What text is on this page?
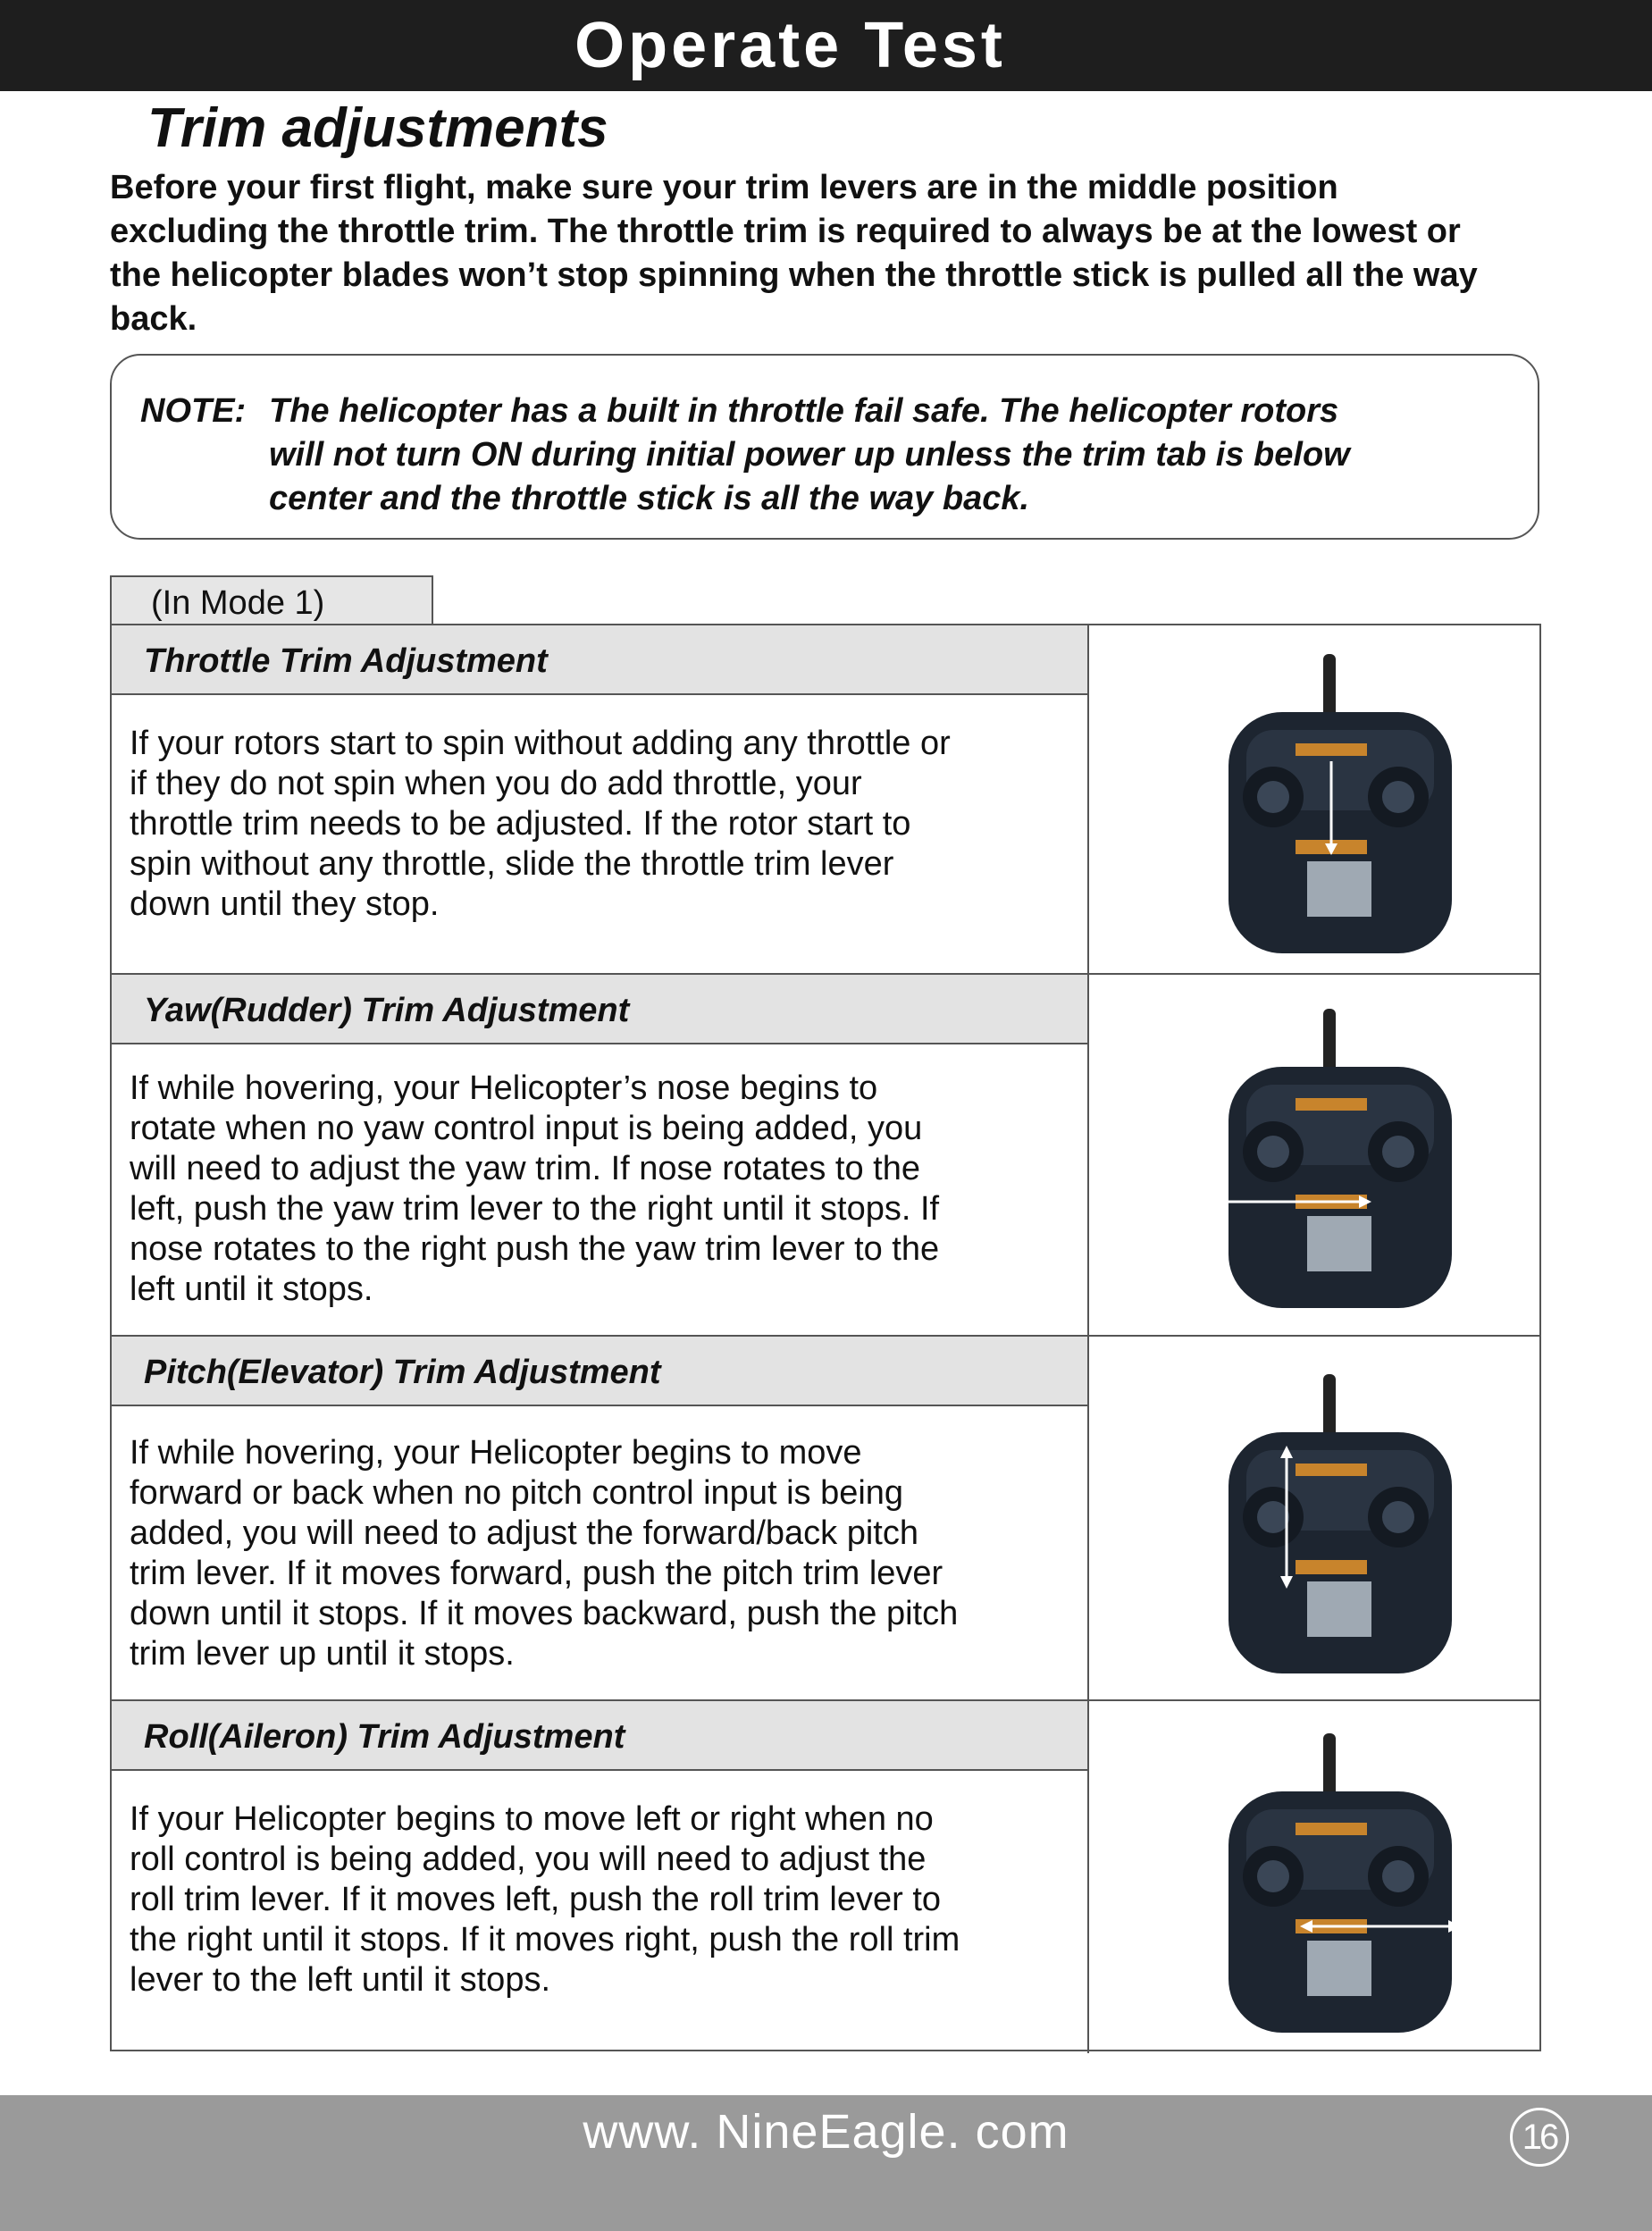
Operate Test
Trim adjustments
Before your first flight, make sure your trim levers are in the middle position
excluding the throttle trim. The throttle trim is required to always be at the lowest or
the helicopter blades won’t stop spinning when the throttle stick is pulled all the way
back.
NOTE: The helicopter has a built in throttle fail safe. The helicopter rotors
will not turn ON during initial power up unless the trim tab is below
center and the throttle stick is all the way back.
(In Mode 1)
Throttle Trim Adjustment
If your rotors start to spin without adding any throttle or
if they do not spin when you do add throttle, your
throttle trim needs to be adjusted. If the rotor start to
spin without any throttle, slide the throttle trim lever
down until they stop.
Yaw(Rudder) Trim Adjustment
If while hovering, your Helicopter’s nose begins to
rotate when no yaw control input is being added, you
will need to adjust the yaw trim. If nose rotates to the
left, push the yaw trim lever to the right until it stops. If
nose rotates to the right push the yaw trim lever to the
left until it stops.
Pitch(Elevator) Trim Adjustment
If while hovering, your Helicopter begins to move
forward or back when no pitch control input is being
added, you will need to adjust the forward/back pitch
trim lever. If it moves forward, push the pitch trim lever
down until it stops. If it moves backward, push the pitch
trim lever up until it stops.
Roll(Aileron) Trim Adjustment
If your Helicopter begins to move left or right when no
roll control is being added, you will need to adjust the
roll trim lever. If it moves left, push the roll trim lever to
the right until it stops. If it moves right, push the roll trim
lever to the left until it stops.
www. NineEagle. com	16
